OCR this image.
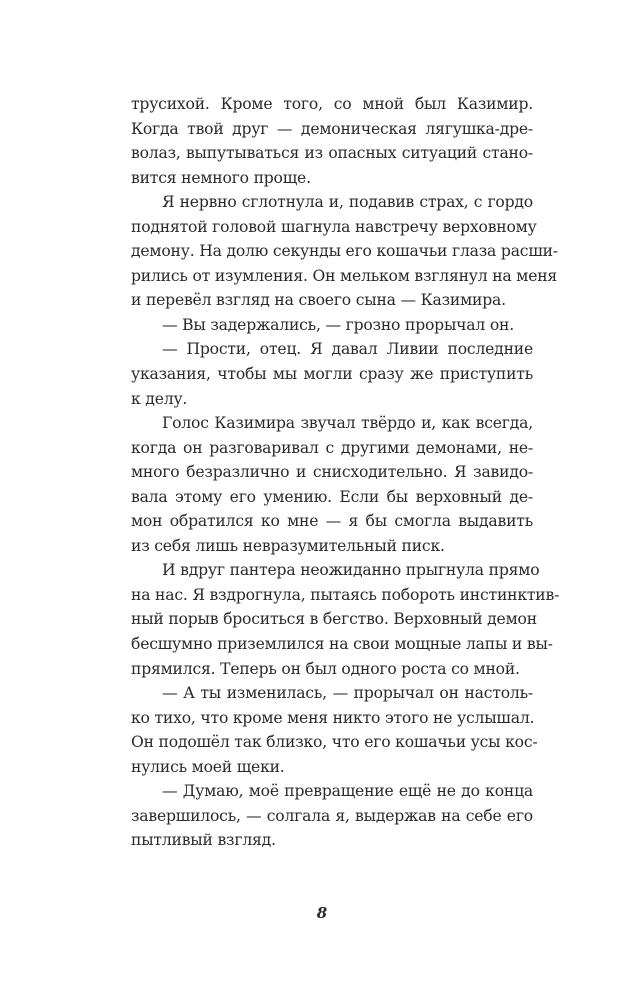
трусихой. Кроме того, со мной был Казимир.
Когда твой друг — демоническая лягушка-дре-
волаз, выпутываться из опасных ситуаций стано-
вится немного проще.
Я нервно сглотнула и, подавив страх, с гордо
поднятой головой шагнула навстречу верховному
демону. На долю секунды его кошачьи глаза расши-
рились от изумления. Он мельком взглянул на меня
и перевёл взгляд на своего сына — Казимира.
— Вы задержались, — грозно прорычал он.
— Прости, отец. Я давал Ливии последние
указания, чтобы мы могли сразу же приступить
к делу.
Голос Казимира звучал твёрдо и, как всегда,
когда он разговаривал с другими демонами, не-
много безразлично и снисходительно. Я завидо-
вала этому его умению. Если бы верховный де-
мон обратился ко мне — я бы смогла выдавить
из себя лишь невразумительный писк.
И вдруг пантера неожиданно прыгнула прямо
на нас. Я вздрогнула, пытаясь побороть инстинктив-
ный порыв броситься в бегство. Верховный демон
бесшумно приземлился на свои мощные лапы и вы-
прямился. Теперь он был одного роста со мной.
— А ты изменилась, — прорычал он настоль-
ко тихо, что кроме меня никто этого не услышал.
Он подошёл так близко, что его кошачьи усы кос-
нулись моей щеки.
— Думаю, моё превращение ещё не до конца
завершилось, — солгала я, выдержав на себе его
пытливый взгляд.
8
